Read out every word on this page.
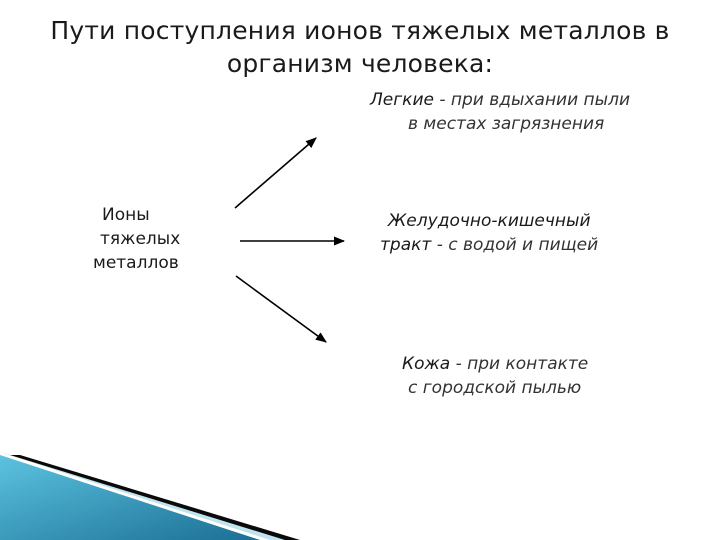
Пути поступления ионов тяжелых металлов в
организм человека:
Ионы
тяжелых
металлов
Легкие - при вдыхании пыли
в местах загрязнения
Желудочно-кишечный
тракт - с водой и пищей
Кожа - при контакте
с городской пылью
